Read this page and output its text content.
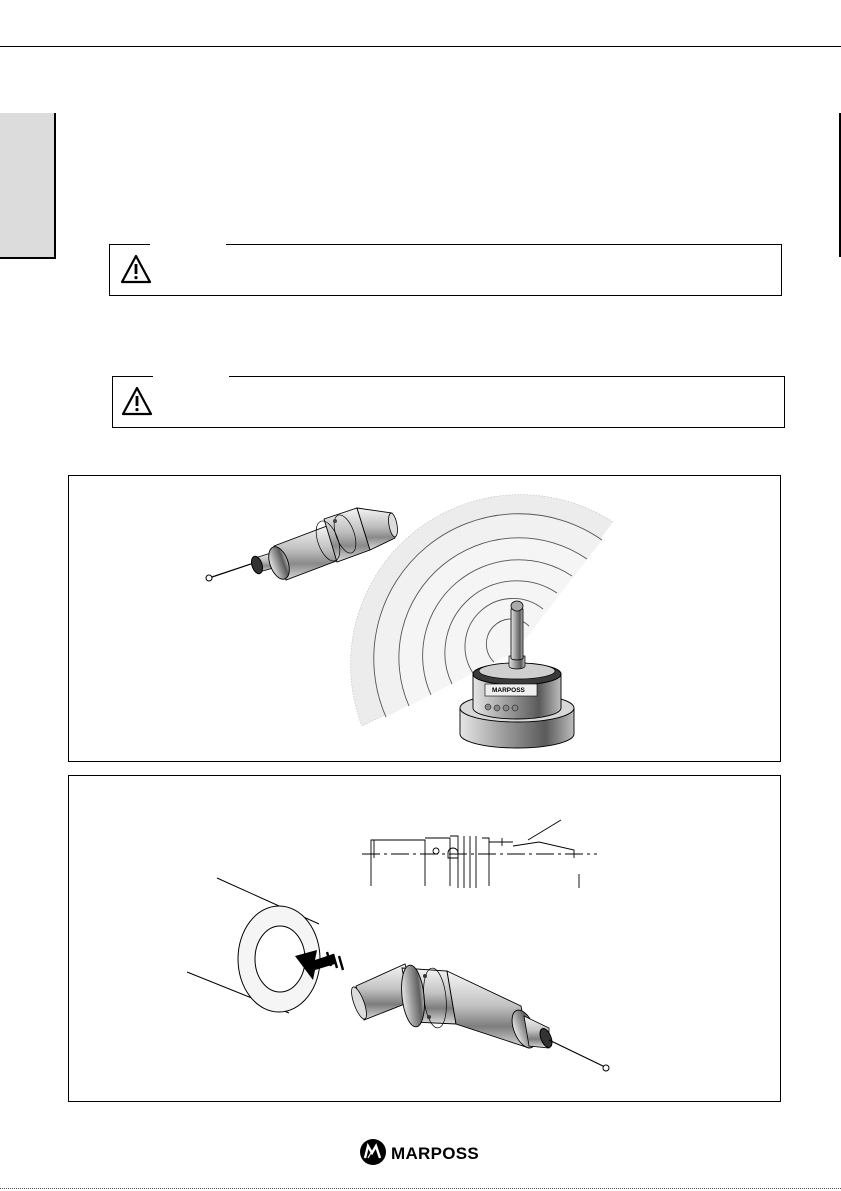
MARPOSS
MARPOSS
